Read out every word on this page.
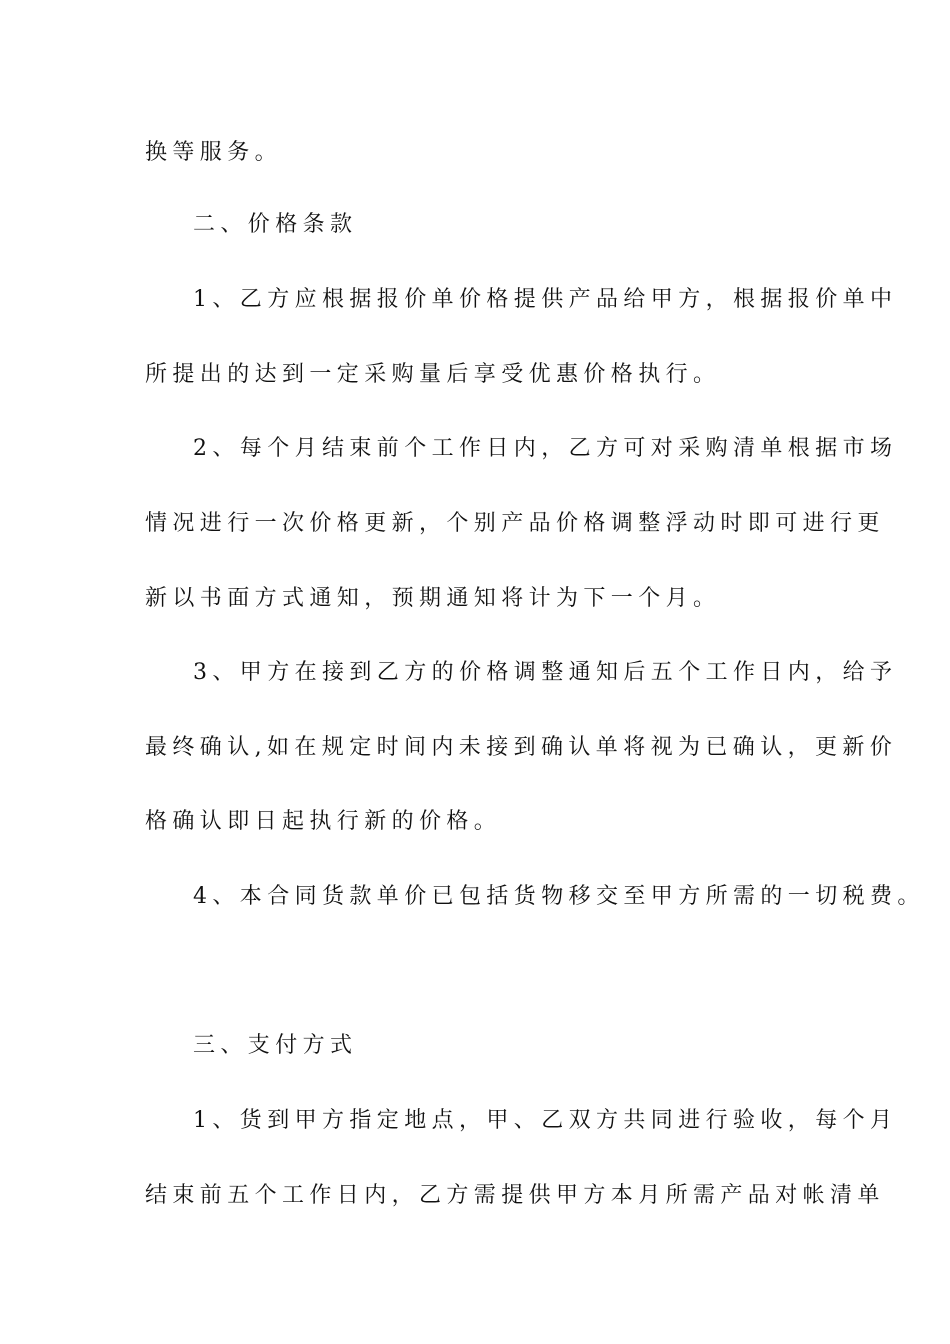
换等服务。
二、价格条款
1、乙方应根据报价单价格提供产品给甲方，根据报价单中
所提出的达到一定采购量后享受优惠价格执行。
2、每个月结束前个工作日内，乙方可对采购清单根据市场
情况进行一次价格更新，个别产品价格调整浮动时即可进行更
新以书面方式通知，预期通知将计为下一个月。
3、甲方在接到乙方的价格调整通知后五个工作日内，给予
最终确认,如在规定时间内未接到确认单将视为已确认，更新价
格确认即日起执行新的价格。
4、本合同货款单价已包括货物移交至甲方所需的一切税费。
三、支付方式
1、货到甲方指定地点，甲、乙双方共同进行验收，每个月
结束前五个工作日内，乙方需提供甲方本月所需产品对帐清单
